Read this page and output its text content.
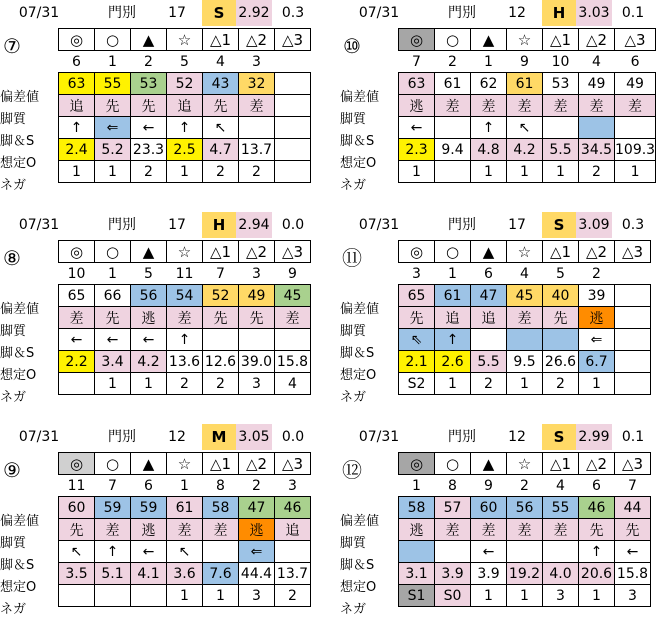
07/31	門別	17	S	2.92 0.3
⑦
偏差値
脚質
脚＆S
想定O
ネガ
◎	○	▲	☆	△1	△2	△3
6	1	2	5	4	3	
63	55	53	52	43	32	
追	先	先	追	先	差	
↑	⇐	←	↑	↖		
2.4	5.2	23.3	2.5	4.7	13.7	
1	1	2	1	2	2	
07/31	門別	12	H 3.03 0.1
⑩
偏差値
脚質
脚＆S
想定O
ネガ
◎	○	▲	☆	△1	△2	△3
7	2	1	9	10	4	6
63	61	62	61	53	49	49
逃	差	差	差	差	差	差
←		↑	↖			
2.3	9.4	4.8	4.2	5.5	34.5	109.3
1		1	1	1	2	1
07/31	門別	17	H 2.94 0.0
⑧
偏差値
脚質
脚＆S
想定O
ネガ
◎	○	▲	☆	△1	△2	△3
10	1	5	11	7	3	9
65	66	56	54	52	49	45
差	先	逃	差	先	先	差
←	←	←	↑			
2.2	3.4	4.2	13.6	12.6	39.0	15.8
	1	1	2	2	3	4
07/31	門別	17	S	3.09 0.3
⑪
偏差値
脚質
脚＆S
想定O
ネガ
◎	○	▲	☆	△1	△2	△3
3	1	6	4	5	2	
65	61	47	45	40	39	
先	追	追	差	先	逃	
⇖	↑				⇐	
2.1	2.6	5.5	9.5	26.6	6.7	
S2	1	2	1	2	1	
07/31	門別	12	M 3.05 0.0
⑨
偏差値
脚質
脚＆S
想定O
ネガ
◎	○	▲	☆	△1	△2	△3
11	7	6	1	8	2	3
60	59	59	61	58	47	46
先	差	逃	差	差	逃	追
↖	↑	←	↖		⇐	
3.5	5.1	4.1	3.6	7.6	44.4	13.7
			1	1	3	2
07/31	門別	12	S	2.99 0.1
⑫
偏差値
脚質
脚＆S
想定O
ネガ
◎	○	▲	☆	△1	△2	△3
1	8	9	2	4	6	7
58	57	60	56	55	46	44
逃	差	差	差	差	先	先
		←			↑	←
3.1	3.9	3.9	19.2	4.0	20.6	15.8
S1	S0	1	1	3	1	3
